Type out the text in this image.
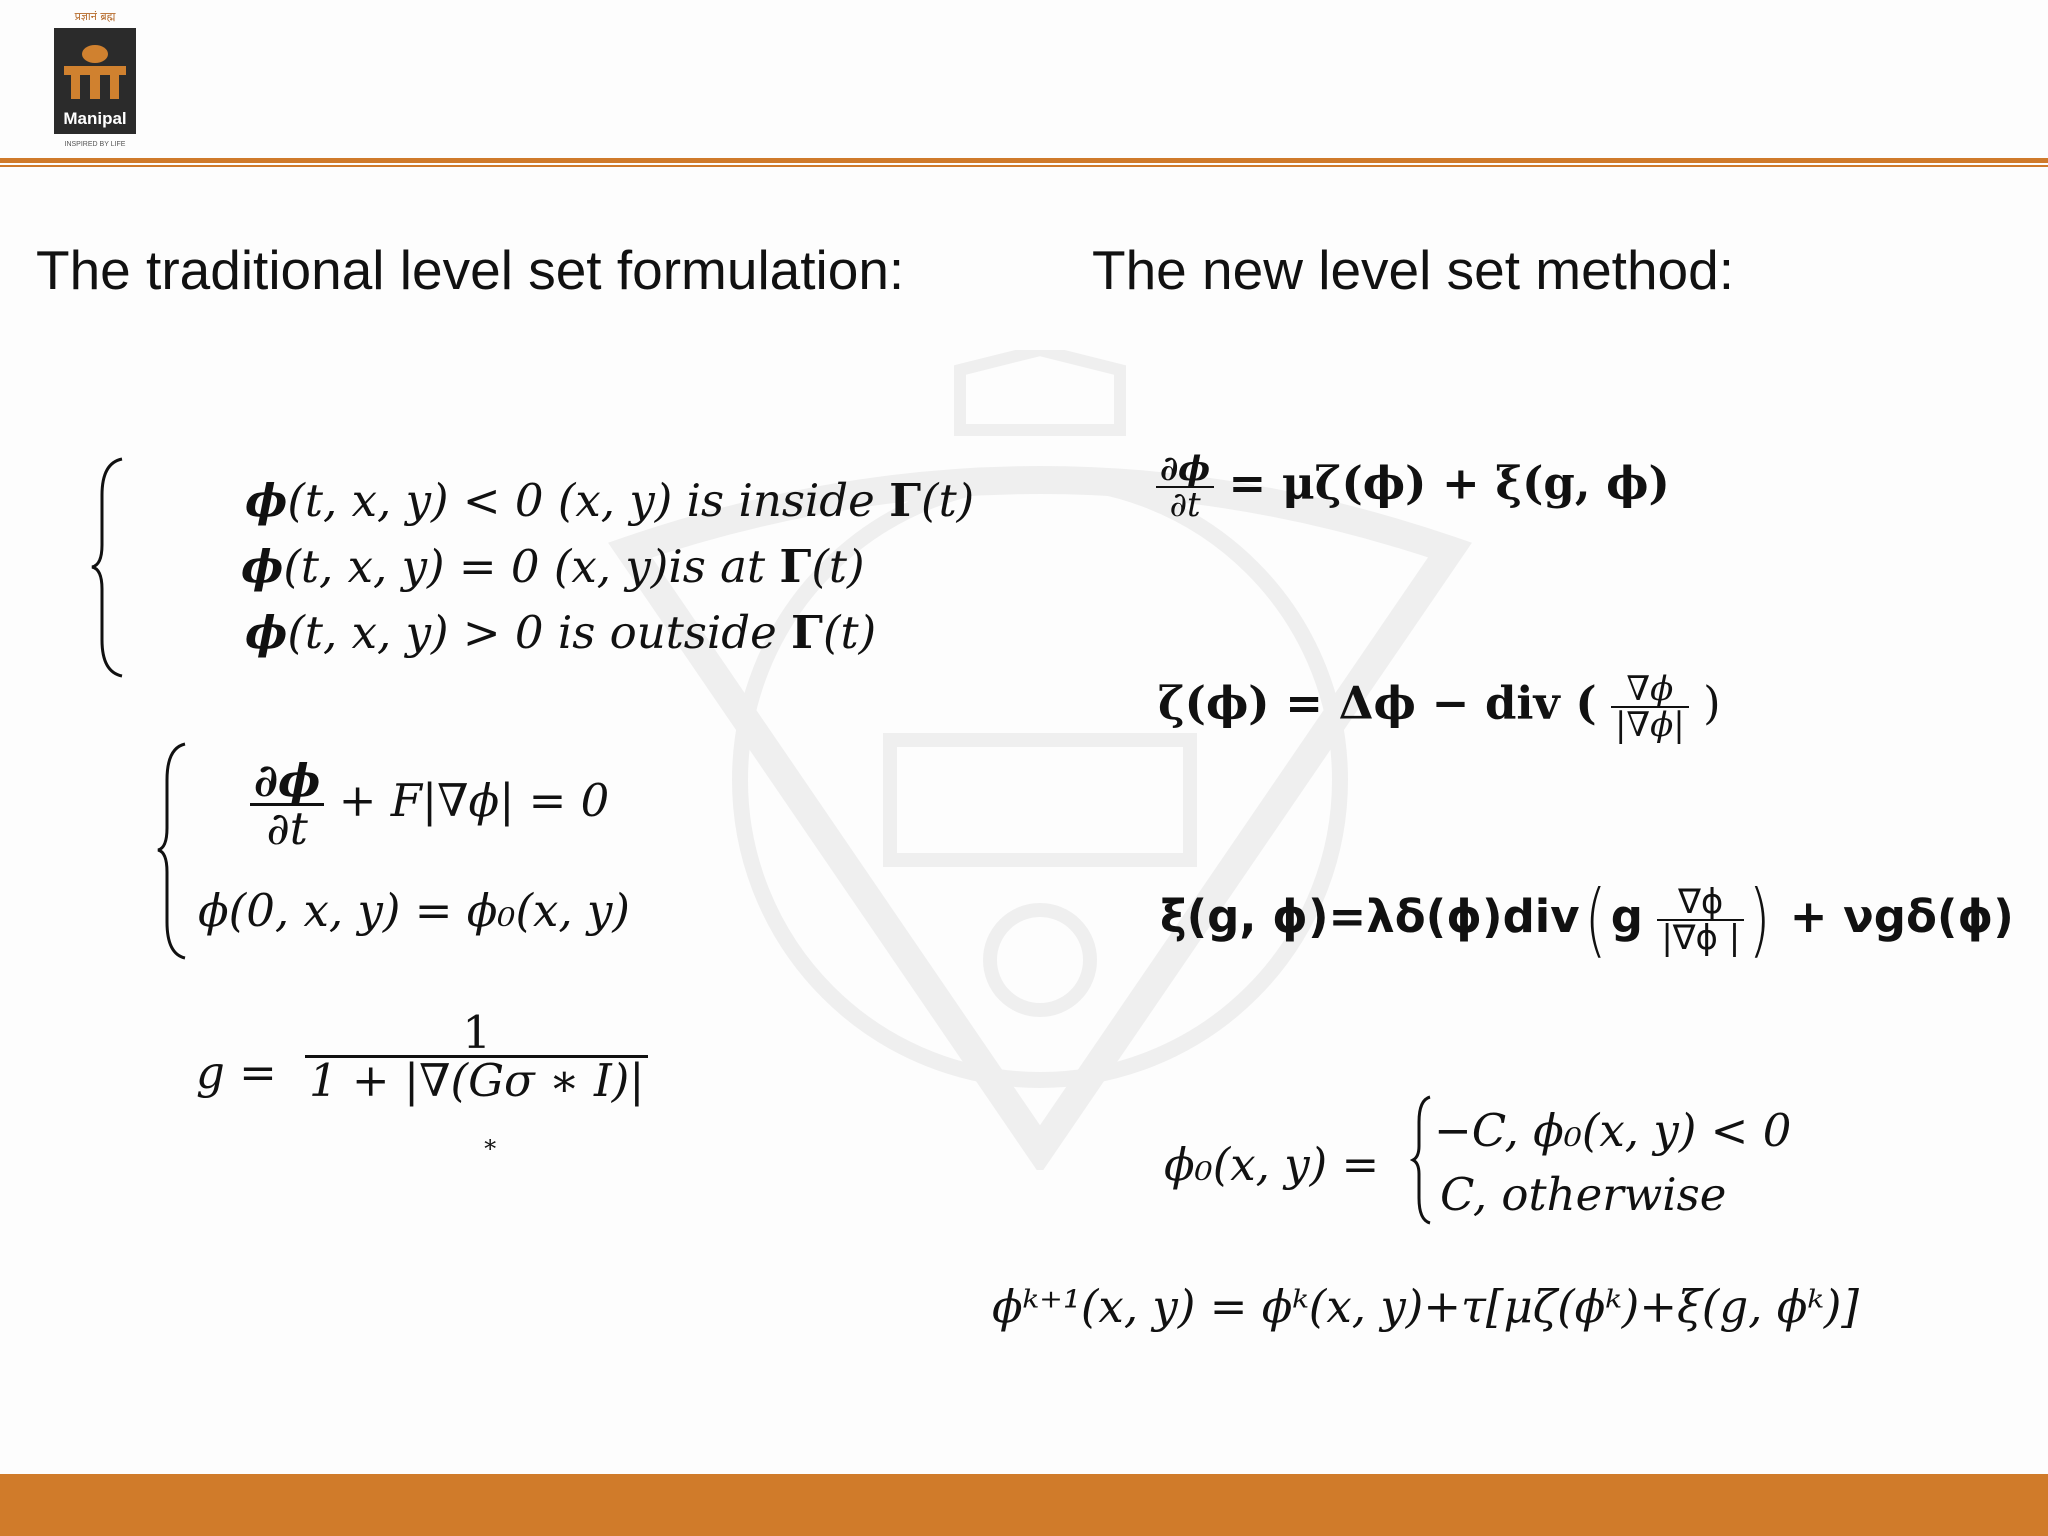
प्रज्ञानं ब्रह्म
Manipal
INSPIRED BY LIFE
The traditional level set formulation:	The new level set method:
ϕ(t, x, y) < 0 (x, y) is inside Γ(t)
ϕ(t, x, y) = 0 (x, y)is at Γ(t)
ϕ(t, x, y) > 0 is outside Γ(t)
$\frac{\partial\phi}{\partial t} + F|\nabla\phi| = 0$
ϕ(0, x, y) = ϕ₀(x, y)
$g = \frac{1}{1 + |\nabla(G\sigma ∗ I)|}$
∗
$\frac{\partial\phi}{\partial t} = \mu\zeta(\phi) + \xi(g$, ϕ)
ζ(ϕ) = Δϕ − div ( $\frac{\nabla\phi}{|\nabla\phi|}$ )
ξ(g, ϕ)=λδ(ϕ)div( g $\frac{\nabla\phi}{|\nabla\phi |}$ ) + νgδ(ϕ)
ϕ₀(x, y) =
−C, ϕ₀(x, y) < 0
C, otherwise
ϕᵏ⁺¹(x, y) = ϕᵏ(x, y)+τ[μζ(ϕᵏ)+ξ(g, ϕᵏ)]
